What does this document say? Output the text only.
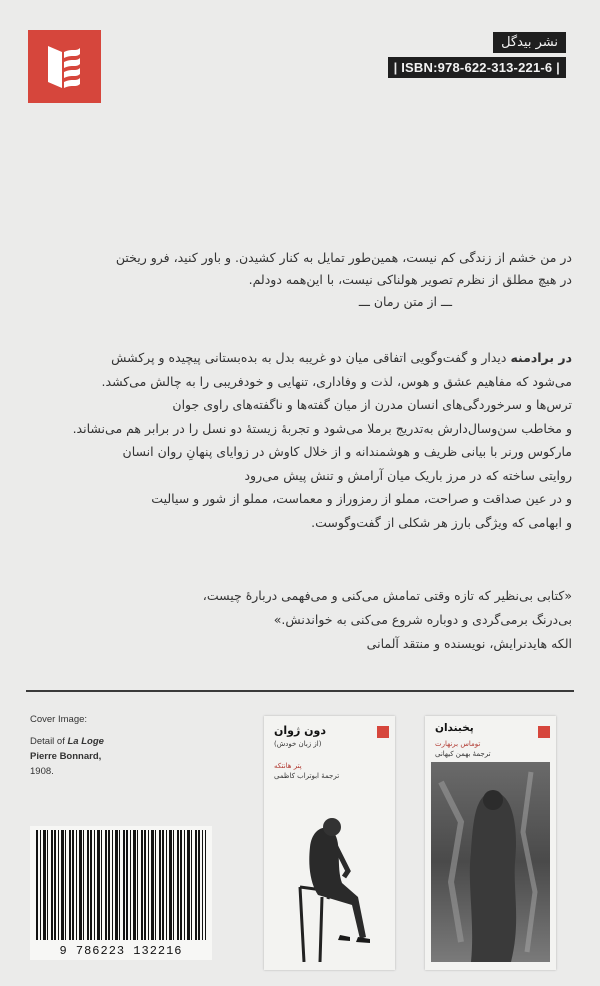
نشر بیدگل
| ISBN:978-622-313-221-6 |
در من خشم از زندگی کم نیست، همین‌طور تمایل به کنار کشیدن. و باور کنید، فرو ریختن
در هیچ مطلق از نظرم تصویر هولناکی نیست، با این‌همه دودلم.
ـــ از متن رمان ـــ

در برادمنه دیدار و گفت‌وگویی اتفاقی میان دو غریبه بدل به بده‌بستانی پیچیده و پرکشش

می‌شود که مفاهیم عشق و هوس، لذت و وفاداری، تنهایی و خودفریبی را به چالش می‌کشد.

ترس‌ها و سرخوردگی‌های انسان مدرن از میان گفته‌ها و ناگفته‌های راوی جوان

و مخاطب سن‌وسال‌دارش به‌تدریج برملا می‌شود و تجربهٔ زیستهٔ دو نسل را در برابر هم می‌نشاند.

مارکوس ورنر با بیانی ظریف و هوشمندانه و از خلال کاوش در زوایای پنهانِ روان انسان

روایتی ساخته که در مرز باریک میان آرامش و تنش پیش می‌رود

و در عین صداقت و صراحت، مملو از رمزوراز و معماست، مملو از شور و سیالیت

و ابهامی که ویژگی بارز هر شکلی از گفت‌وگوست.

«کتابی بی‌نظیر که تازه وقتی تمامش می‌کنی و می‌فهمی دربارهٔ چیست،
بی‌درنگ برمی‌گردی و دوباره شروع می‌کنی به خواندنش.»
الکه هایدنرایش، نویسنده و منتقد آلمانی
Cover Image:
Detail of La Loge
Pierre Bonnard,
1908.
9 786223 132216
دون ژوان
(از زبان خودش)
پتر هانتکه
ترجمهٔ ابوتراب کاظمی
پخبندان
توماس برنهارت
ترجمهٔ بهمن کیهانی
